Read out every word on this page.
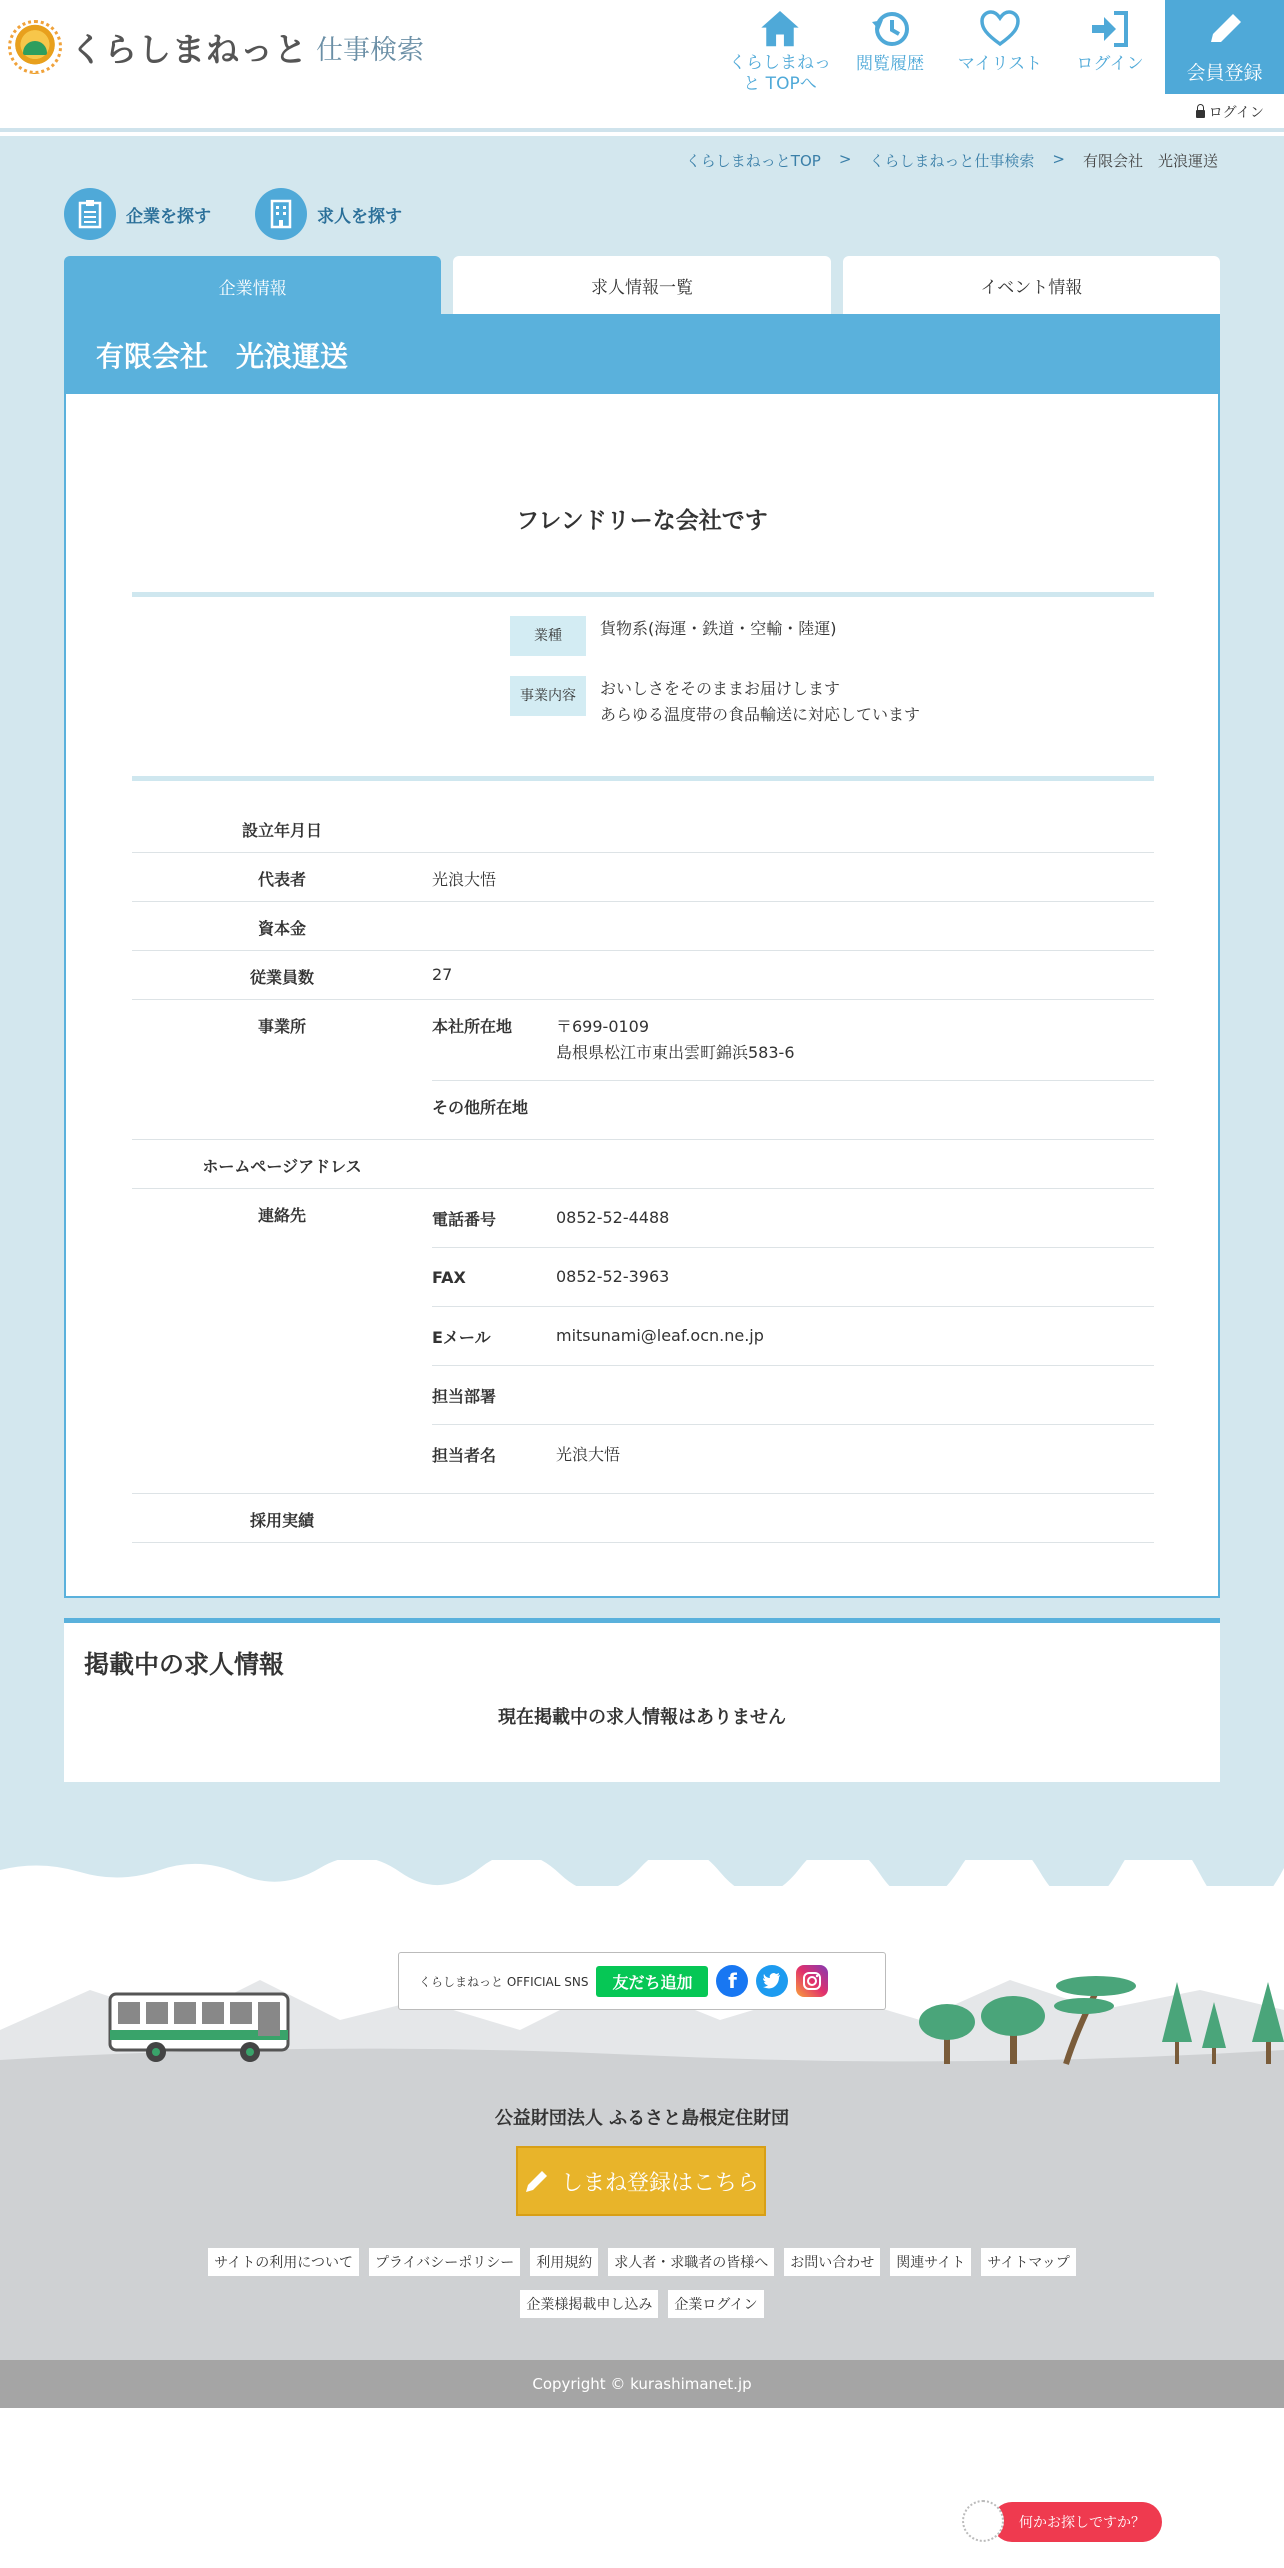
くらしまねっと 仕事検索	くらしまねっと TOPへ
閲覧履歴 マイリスト ログイン 会員登録
ログイン
くらしまねっとTOP > くらしまねっと仕事検索 > 有限会社　光浪運送
企業を探す	求人を探す
企業情報	求人情報一覧	イベント情報
有限会社　光浪運送
フレンドリーな会社です
業種	貨物系(海運・鉄道・空輸・陸運)
事業内容	おいしさをそのままお届けします
あらゆる温度帯の食品輸送に対応しています
設立年月日
代表者	光浪大悟
資本金
従業員数	27
事業所	本社所在地	〒699-0109
島根県松江市東出雲町錦浜583-6
その他所在地
ホームページアドレス
連絡先	電話番号	0852-52-4488
FAX	0852-52-3963
Eメール	mitsunami@leaf.ocn.ne.jp
担当部署
担当者名	光浪大悟
採用実績
掲載中の求人情報
現在掲載中の求人情報はありません
くらしまねっと OFFICIAL SNS	友だち追加	f
公益財団法人 ふるさと島根定住財団
しまね登録はこちら
サイトの利用について	プライバシーポリシー	利用規約	求人者・求職者の皆様へ	お問い合わせ	関連サイト	サイトマップ
企業様掲載申し込み	企業ログイン
Copyright © kurashimanet.jp
何かお探しですか？
